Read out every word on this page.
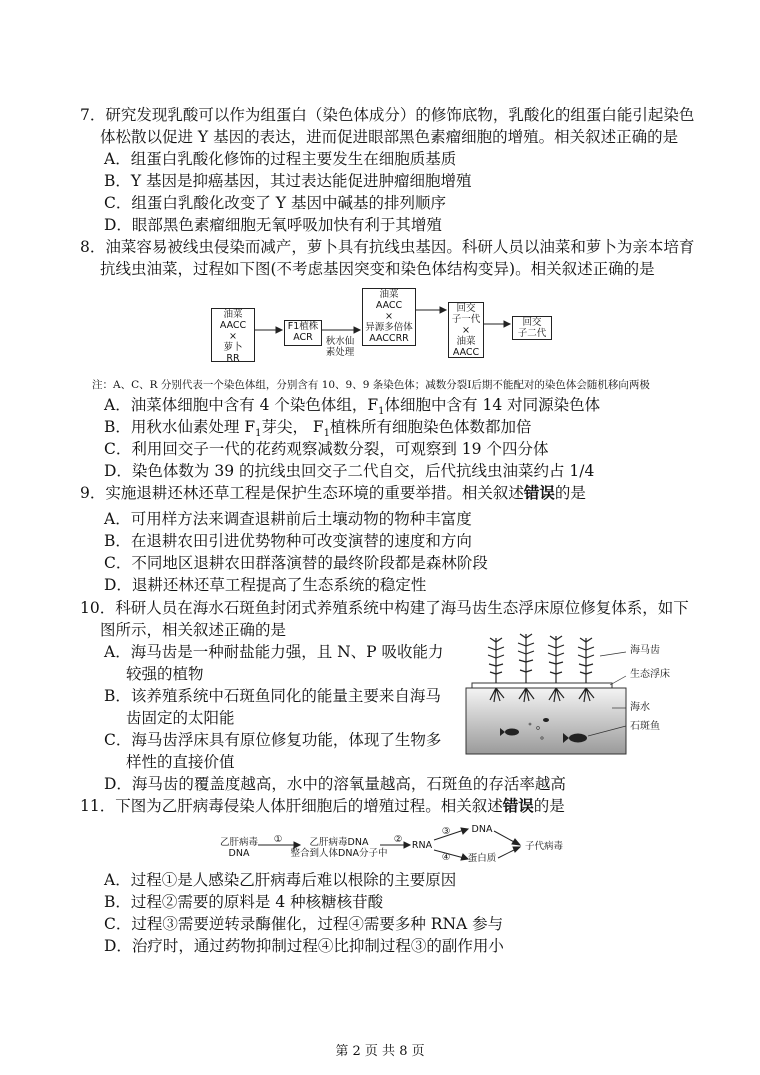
7．研究发现乳酸可以作为组蛋白（染色体成分）的修饰底物，乳酸化的组蛋白能引起染色
体松散以促进 Y 基因的表达，进而促进眼部黑色素瘤细胞的增殖。相关叙述正确的是
A．组蛋白乳酸化修饰的过程主要发生在细胞质基质
B．Y 基因是抑癌基因，其过表达能促进肿瘤细胞增殖
C．组蛋白乳酸化改变了 Y 基因中碱基的排列顺序
D．眼部黑色素瘤细胞无氧呼吸加快有利于其增殖
8．油菜容易被线虫侵染而减产，萝卜具有抗线虫基因。科研人员以油菜和萝卜为亲本培育
抗线虫油菜，过程如下图(不考虑基因突变和染色体结构变异)。相关叙述正确的是
油菜
AACC
×
萝卜
RR
F1植株
ACR	秋水仙
素处理
油菜
AACC
×
异源多倍体
AACCRR
回交
子一代
×
油菜
AACC
回交
子二代
注：A、C、R 分别代表一个染色体组，分别含有 10、9、9 条染色体；减数分裂Ⅰ后期不能配对的染色体会随机移向两极
A．油菜体细胞中含有 4 个染色体组，$F_1$体细胞中含有 14 对同源染色体
B．用秋水仙素处理 $F_1$芽尖， $F_1$植株所有细胞染色体数都加倍
C．利用回交子一代的花药观察减数分裂，可观察到 19 个四分体
D．染色体数为 39 的抗线虫回交子二代自交，后代抗线虫油菜约占 1/4
9．实施退耕还林还草工程是保护生态环境的重要举措。相关叙述错误的是
A．可用样方法来调查退耕前后土壤动物的物种丰富度
B．在退耕农田引进优势物种可改变演替的速度和方向
C．不同地区退耕农田群落演替的最终阶段都是森林阶段
D．退耕还林还草工程提高了生态系统的稳定性
10．科研人员在海水石斑鱼封闭式养殖系统中构建了海马齿生态浮床原位修复体系，如下
图所示，相关叙述正确的是
A．海马齿是一种耐盐能力强，且 N、P 吸收能力
较强的植物
B．该养殖系统中石斑鱼同化的能量主要来自海马
齿固定的太阳能
C．海马齿浮床具有原位修复功能，体现了生物多
样性的直接价值
D．海马齿的覆盖度越高，水中的溶氧量越高，石斑鱼的存活率越高
海马齿
生态浮床
海水
石斑鱼
11．下图为乙肝病毒侵染人体肝细胞后的增殖过程。相关叙述错误的是
乙肝病毒
DNA
①	乙肝病毒DNA
整合到人体DNA分子中
②
RNA
③	DNA
④	蛋白质
子代病毒
A．过程①是人感染乙肝病毒后难以根除的主要原因
B．过程②需要的原料是 4 种核糖核苷酸
C．过程③需要逆转录酶催化，过程④需要多种 RNA 参与
D．治疗时，通过药物抑制过程④比抑制过程③的副作用小
第 2 页 共 8 页
